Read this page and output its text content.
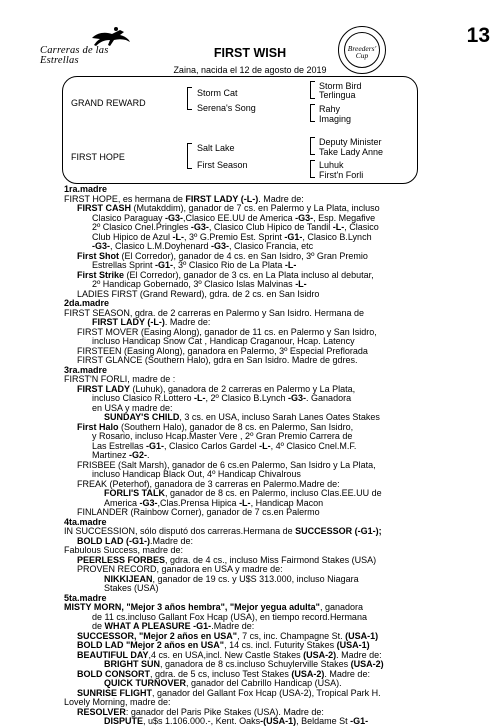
Carreras de las Estrellas
Breeders' Cup
13
FIRST WISH
Zaina, nacida el 12 de agosto de 2019
GRAND REWARD
Storm Cat
Serena's Song
Storm Bird
Terlingua
Rahy
Imaging
FIRST HOPE
Salt Lake
First Season
Deputy Minister
Take Lady Anne
Luhuk
First'n Forli
1ra.madre
FIRST HOPE, es hermana de FIRST LADY (-L-). Madre de:
FIRST CASH (Mutakddim), ganador de 7 cs. en Palermo y La Plata, incluso
Clasico Paraguay -G3-,Clasico EE.UU de America -G3-, Esp. Megafive
2º Clasico Cnel.Pringles -G3-, Clasico Club Hipico de Tandil -L-, Clasico
Club Hipico de Azul -L-, 3º G.Premio Est. Sprint -G1-, Clasico B.Lynch
-G3-, Clasico L.M.Doyhenard -G3-, Clasico Francia, etc
First Shot (El Corredor), ganador de 4 cs. en San Isidro, 3º Gran Premio
Estrellas Sprint -G1-, 3º Clasico Rio de La Plata -L-
First Strike (El Corredor), ganador de 3 cs. en La Plata incluso al debutar,
2º Handicap Gobernado, 3º Clasico Islas Malvinas -L-
LADIES FIRST (Grand Reward), gdra. de 2 cs. en San Isidro
2da.madre
FIRST SEASON, gdra. de 2 carreras en Palermo y San Isidro. Hermana de
FIRST LADY (-L-). Madre de:
FIRST MOVER (Easing Along), ganador de 11 cs. en Palermo y San Isidro,
incluso Handicap Snow Cat , Handicap Craganour, Hcap. Latency
FIRSTEEN (Easing Along), ganadora en Palermo, 3º Especial Preflorada
FIRST GLANCE (Southern Halo), gdra en San Isidro. Madre de gdres.
3ra.madre
FIRST'N FORLI, madre de :
FIRST LADY (Luhuk), ganadora de 2 carreras en Palermo y La Plata,
incluso Clasico R.Lottero -L-, 2º Clasico B.Lynch -G3-. Ganadora
en USA y madre de:
SUNDAY'S CHILD, 3 cs. en USA, incluso Sarah Lanes Oates Stakes
First Halo (Southern Halo), ganador de 8 cs. en Palermo, San Isidro,
y Rosario, incluso Hcap.Master Vere , 2º Gran Premio Carrera de
Las Estrellas -G1-, Clasico Carlos Gardel -L-, 4º Clasico Cnel.M.F.
Martinez -G2-.
FRISBEE (Salt Marsh), ganador de 6 cs.en Palermo, San Isidro y La Plata,
incluso Handicap Black Out, 4º Handicap Chivalrous
FREAK (Peterhof), ganadora de 3 carreras en Palermo.Madre de:
FORLI'S TALK, ganador de 8 cs. en Palermo, incluso Clas.EE.UU de
America -G3-,Clas.Prensa Hipica -L-, Handicap Macon
FINLANDER (Rainbow Corner), ganador de 7 cs.en Palermo
4ta.madre
IN SUCCESSION, sólo disputó dos carreras.Hermana de SUCCESSOR (-G1-);
BOLD LAD (-G1-).Madre de:
Fabulous Success, madre de:
PEERLESS FORBES, gdra. de 4 cs., incluso Miss Fairmond Stakes (USA)
PROVEN RECORD, ganadora en USA y madre de:
NIKKIJEAN, ganador de 19 cs. y U$S 313.000, incluso Niagara
Stakes (USA)
5ta.madre
MISTY MORN, "Mejor 3 años hembra", "Mejor yegua adulta", ganadora
de 11 cs.incluso Gallant Fox Hcap (USA), en tiempo record.Hermana
de WHAT A PLEASURE -G1-.Madre de:
SUCCESSOR, "Mejor 2 años en USA", 7 cs, inc. Champagne St. (USA-1)
BOLD LAD "Mejor 2 años en USA", 14 cs. incl. Futurity Stakes (USA-1)
BEAUTIFUL DAY,4 cs. en USA,incl. New Castle Stakes (USA-2). Madre de:
BRIGHT SUN, ganadora de 8 cs.incluso Schuylerville Stakes (USA-2)
BOLD CONSORT, gdra. de 5 cs, incluso Test Stakes (USA-2). Madre de:
QUICK TURNOVER, ganador del Cabrillo Handicap (USA).
SUNRISE FLIGHT, ganador del Gallant Fox Hcap (USA-2), Tropical Park H.
Lovely Morning, madre de:
RESOLVER: ganador del Paris Pike Stakes (USA). Madre de:
DISPUTE, u$s 1.106.000.-, Kent. Oaks-(USA-1), Beldame St -G1-
